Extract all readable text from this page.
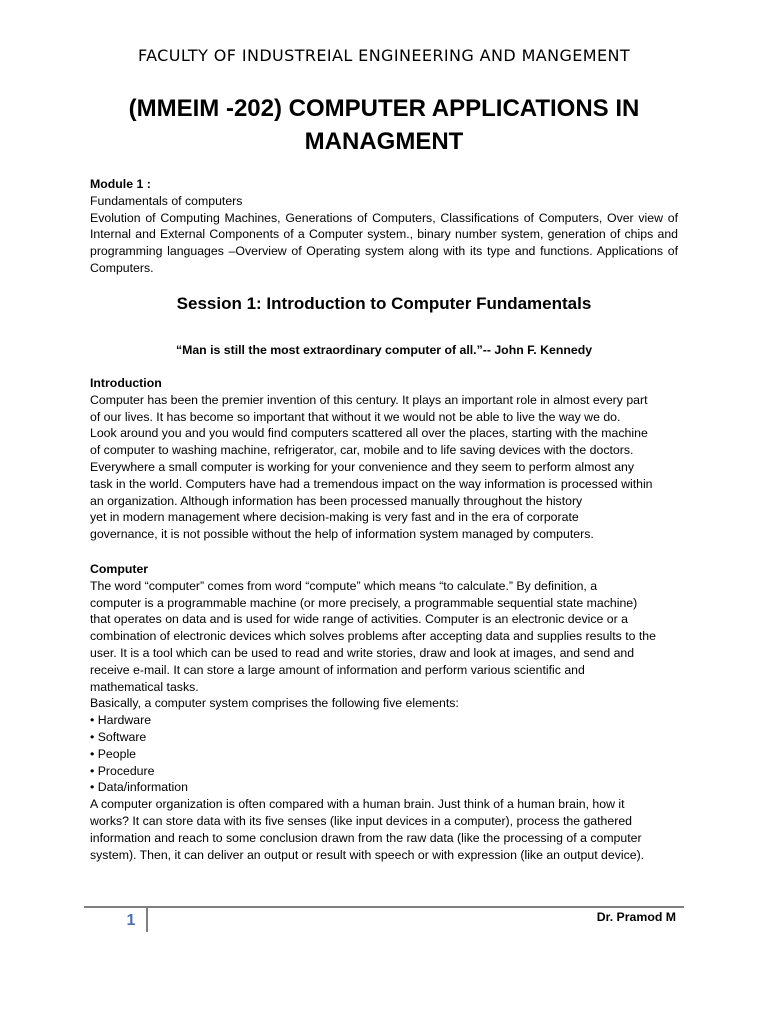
FACULTY OF INDUSTREIAL ENGINEERING AND MANGEMENT
(MMEIM -202) COMPUTER APPLICATIONS IN
MANAGMENT
Module 1 :
Fundamentals of computers
Evolution of Computing Machines, Generations of Computers, Classifications of Computers, Over view of Internal and External Components of a Computer system., binary number system, generation of chips and programming languages –Overview of Operating system along with its type and functions. Applications of Computers.
Session 1: Introduction to Computer Fundamentals
“Man is still the most extraordinary computer of all.”-- John F. Kennedy
Introduction
Computer has been the premier invention of this century. It plays an important role in almost every part
of our lives. It has become so important that without it we would not be able to live the way we do.
Look around you and you would find computers scattered all over the places, starting with the machine
of computer to washing machine, refrigerator, car, mobile and to life saving devices with the doctors.
Everywhere a small computer is working for your convenience and they seem to perform almost any
task in the world. Computers have had a tremendous impact on the way information is processed within
an organization. Although information has been processed manually throughout the history
yet in modern management where decision-making is very fast and in the era of corporate
governance, it is not possible without the help of information system managed by computers.
Computer
The word “computer” comes from word “compute” which means “to calculate.” By definition, a
computer is a programmable machine (or more precisely, a programmable sequential state machine)
that operates on data and is used for wide range of activities. Computer is an electronic device or a
combination of electronic devices which solves problems after accepting data and supplies results to the
user. It is a tool which can be used to read and write stories, draw and look at images, and send and
receive e-mail. It can store a large amount of information and perform various scientific and
mathematical tasks.
Basically, a computer system comprises the following five elements:
• Hardware
• Software
• People
• Procedure
• Data/information
A computer organization is often compared with a human brain. Just think of a human brain, how it
works? It can store data with its five senses (like input devices in a computer), process the gathered
information and reach to some conclusion drawn from the raw data (like the processing of a computer
system). Then, it can deliver an output or result with speech or with expression (like an output device).
1	Dr. Pramod M
